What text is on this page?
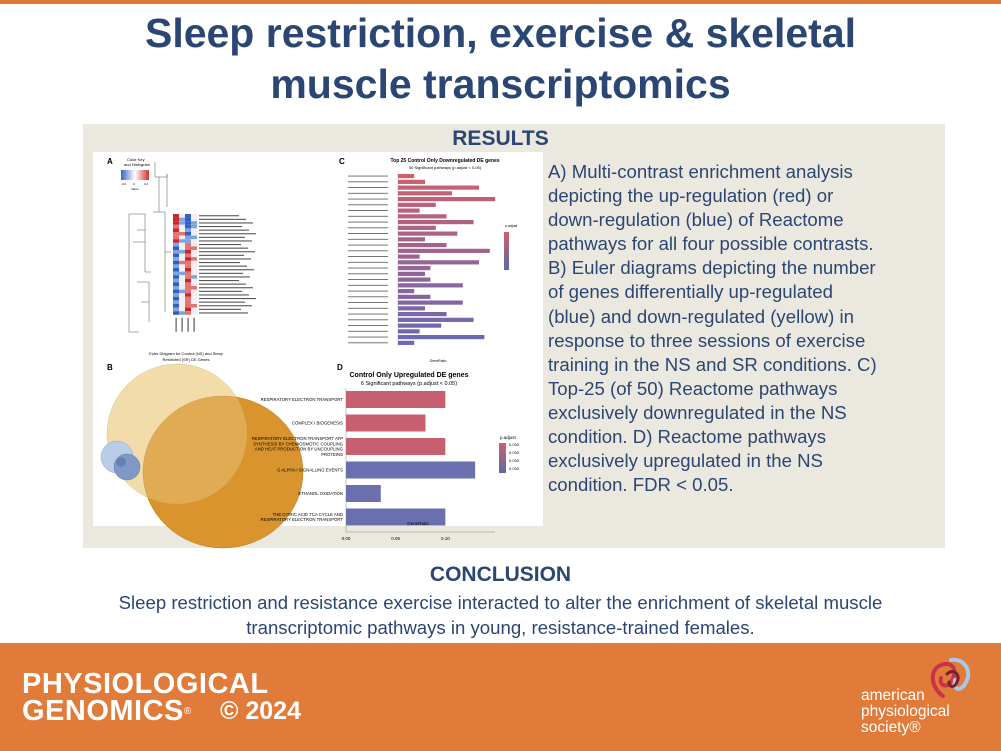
Sleep restriction, exercise & skeletal
muscle transcriptomics
RESULTS
A	Color Key
and Histogram
-0.6 0	0.4
Value
B
Euler Diagram for Control (NS) and Sleep
Restricted (SR) DE Genes
C	Top 25 Control Only Downregulated DE genes
50 Significant pathways (p.adjust < 0.05)
GeneRatio
p.adjust
D
Control Only Upregulated DE genes
6 Significant pathways (p.adjust < 0.05)
RESPIRATORY ELECTRON TRANSPORT
COMPLEX I BIOGENESIS
RESPIRATORY ELECTRON TRANSPORT ATP
SYNTHESIS BY CHEMIOSMOTIC COUPLING
AND HEAT PRODUCTION BY UNCOUPLING
PROTEINS
G ALPHA I SIGNALLING EVENTS
ETHANOL OXIDATION
THE CITRIC ACID TCA CYCLE AND
RESPIRATORY ELECTRON TRANSPORT
0.00	0.05	0.10
GeneRatio
p.adjust
0.030
0.030
0.030
0.030
A) Multi-contrast enrichment analysis
depicting the up-regulation (red) or
down-regulation (blue) of Reactome
pathways for all four possible contrasts.
B) Euler diagrams depicting the number
of genes differentially up-regulated
(blue) and down-regulated (yellow) in
response to three sessions of exercise
training in the NS and SR conditions. C)
Top-25 (of 50) Reactome pathways
exclusively downregulated in the NS
condition. D) Reactome pathways
exclusively upregulated in the NS
condition. FDR < 0.05.
CONCLUSION
Sleep restriction and resistance exercise interacted to alter the enrichment of skeletal muscle
transcriptomic pathways in young, resistance-trained females.
PHYSIOLOGICAL
GENOMICS®	© 2024
american
physiological
society®
